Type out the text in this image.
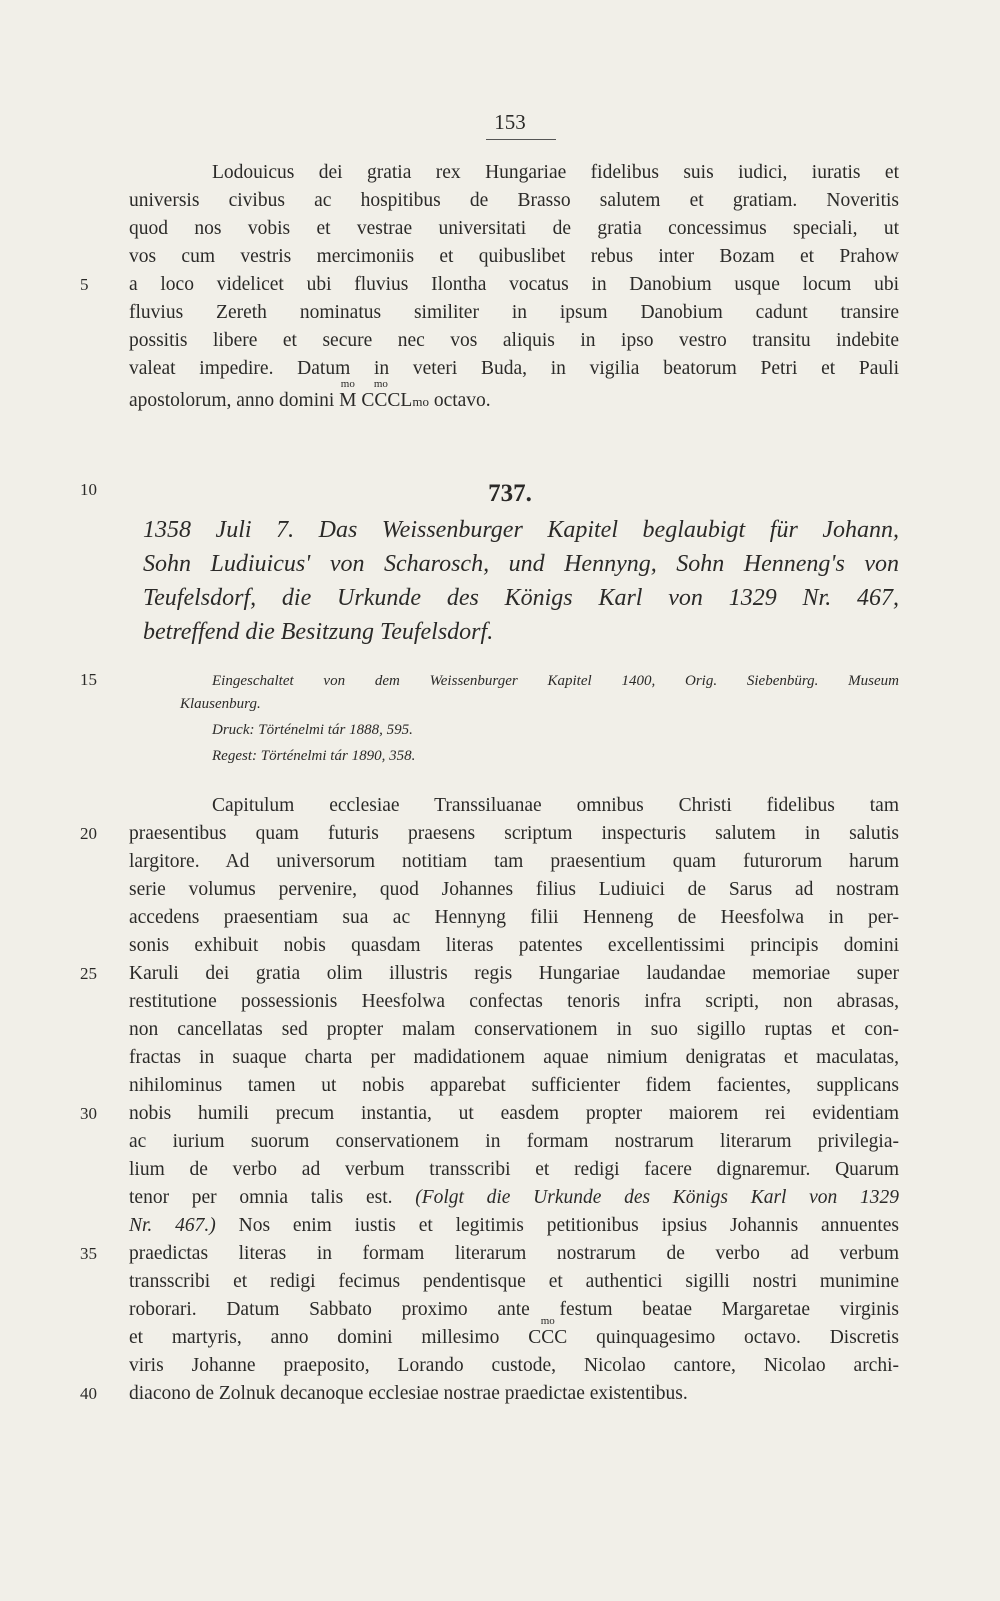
153
Lodouicus dei gratia rex Hungariae fidelibus suis iudici, iuratis et
universis civibus ac hospitibus de Brasso salutem et gratiam. Noveritis
quod nos vobis et vestrae universitati de gratia concessimus speciali, ut
vos cum vestris mercimoniis et quibuslibet rebus inter Bozam et Prahow
5	a loco videlicet ubi fluvius Ilontha vocatus in Danobium usque locum ubi
fluvius Zereth nominatus similiter in ipsum Danobium cadunt transire
possitis libere et secure nec vos aliquis in ipso vestro transitu indebite
valeat impedire. Datum in veteri Buda, in vigilia beatorum Petri et Pauli
apostolorum, anno domini mo M mo CCCLmo octavo.
10	737.
1358 Juli 7. Das Weissenburger Kapitel beglaubigt für Johann,
Sohn Ludiuicus' von Scharosch, und Hennyng, Sohn Henneng's von
Teufelsdorf, die Urkunde des Königs Karl von 1329 Nr. 467,
betreffend die Besitzung Teufelsdorf.
15	Eingeschaltet von dem Weissenburger Kapitel 1400, Orig. Siebenbürg. Museum
Klausenburg.
Druck: Történelmi tár 1888, 595.
Regest: Történelmi tár 1890, 358.
Capitulum ecclesiae Transsiluanae omnibus Christi fidelibus tam
20	praesentibus quam futuris praesens scriptum inspecturis salutem in salutis
largitore. Ad universorum notitiam tam praesentium quam futurorum harum
serie volumus pervenire, quod Johannes filius Ludiuici de Sarus ad nostram
accedens praesentiam sua ac Hennyng filii Henneng de Heesfolwa in per-
sonis exhibuit nobis quasdam literas patentes excellentissimi principis domini
25	Karuli dei gratia olim illustris regis Hungariae laudandae memoriae super
restitutione possessionis Heesfolwa confectas tenoris infra scripti, non abrasas,
non cancellatas sed propter malam conservationem in suo sigillo ruptas et con-
fractas in suaque charta per madidationem aquae nimium denigratas et maculatas,
nihilominus tamen ut nobis apparebat sufficienter fidem facientes, supplicans
30	nobis humili precum instantia, ut easdem propter maiorem rei evidentiam
ac iurium suorum conservationem in formam nostrarum literarum privilegia-
lium de verbo ad verbum transscribi et redigi facere dignaremur. Quarum
tenor per omnia talis est. (Folgt die Urkunde des Königs Karl von 1329
Nr. 467.) Nos enim iustis et legitimis petitionibus ipsius Johannis annuentes
35	praedictas literas in formam literarum nostrarum de verbo ad verbum
transscribi et redigi fecimus pendentisque et authentici sigilli nostri munimine
roborari. Datum Sabbato proximo ante festum beatae Margaretae virginis
et martyris, anno domini millesimo mo CCC quinquagesimo octavo. Discretis
viris Johanne praeposito, Lorando custode, Nicolao cantore, Nicolao archi-
40	diacono de Zolnuk decanoque ecclesiae nostrae praedictae existentibus.
